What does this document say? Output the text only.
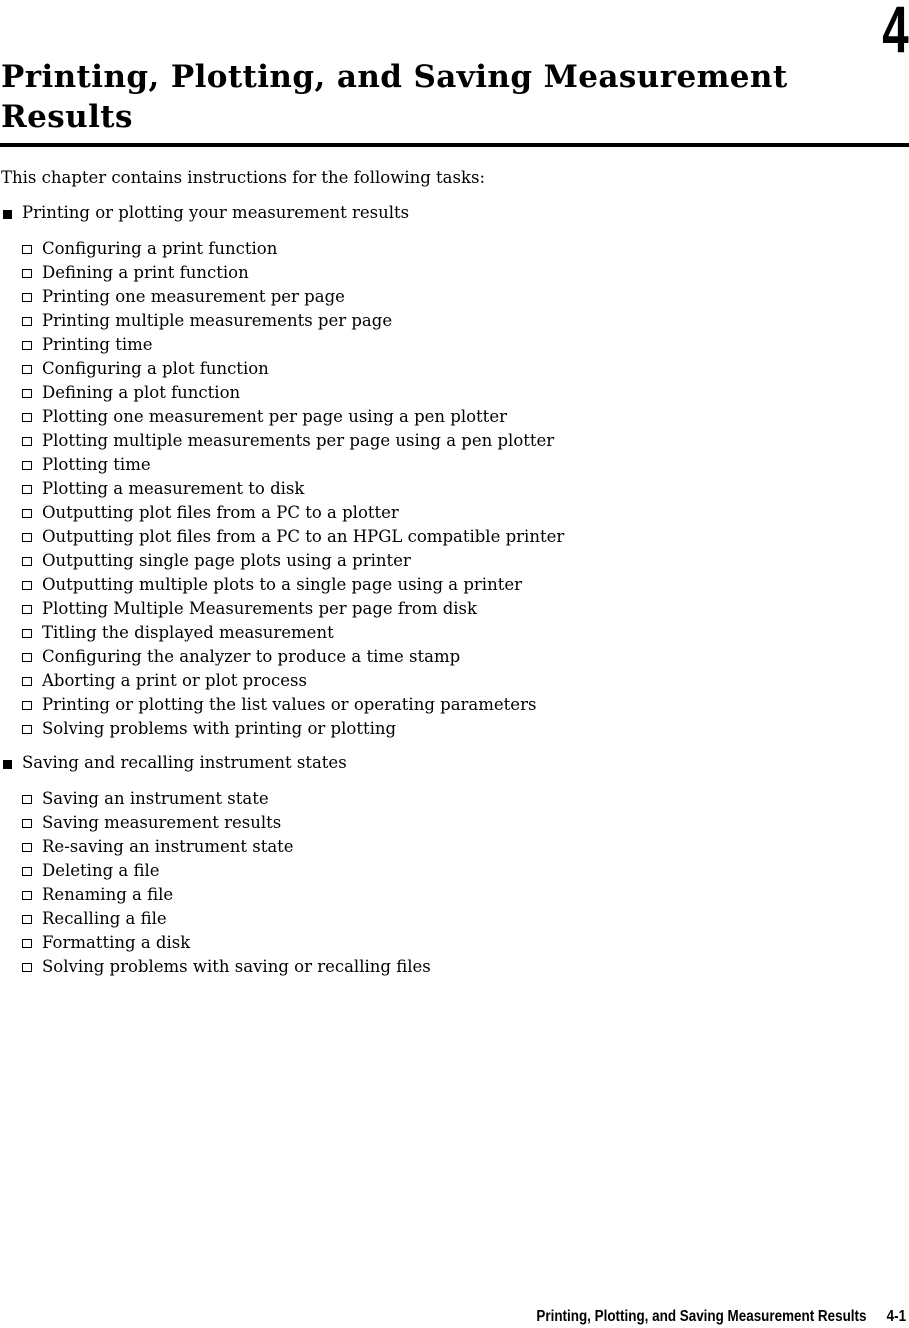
4
Printing, Plotting, and Saving Measurement Results

This chapter contains instructions for the following tasks:

Printing or plotting your measurement results
Configuring a print function
Defining a print function
Printing one measurement per page
Printing multiple measurements per page
Printing time
Configuring a plot function
Defining a plot function
Plotting one measurement per page using a pen plotter
Plotting multiple measurements per page using a pen plotter
Plotting time
Plotting a measurement to disk
Outputting plot files from a PC to a plotter
Outputting plot files from a PC to an HPGL compatible printer
Outputting single page plots using a printer
Outputting multiple plots to a single page using a printer
Plotting Multiple Measurements per page from disk
Titling the displayed measurement
Configuring the analyzer to produce a time stamp
Aborting a print or plot process
Printing or plotting the list values or operating parameters
Solving problems with printing or plotting
Saving and recalling instrument states
Saving an instrument state
Saving measurement results
Re-saving an instrument state
Deleting a file
Renaming a file
Recalling a file
Formatting a disk
Solving problems with saving or recalling files
Printing, Plotting, and Saving Measurement Results 4-1
